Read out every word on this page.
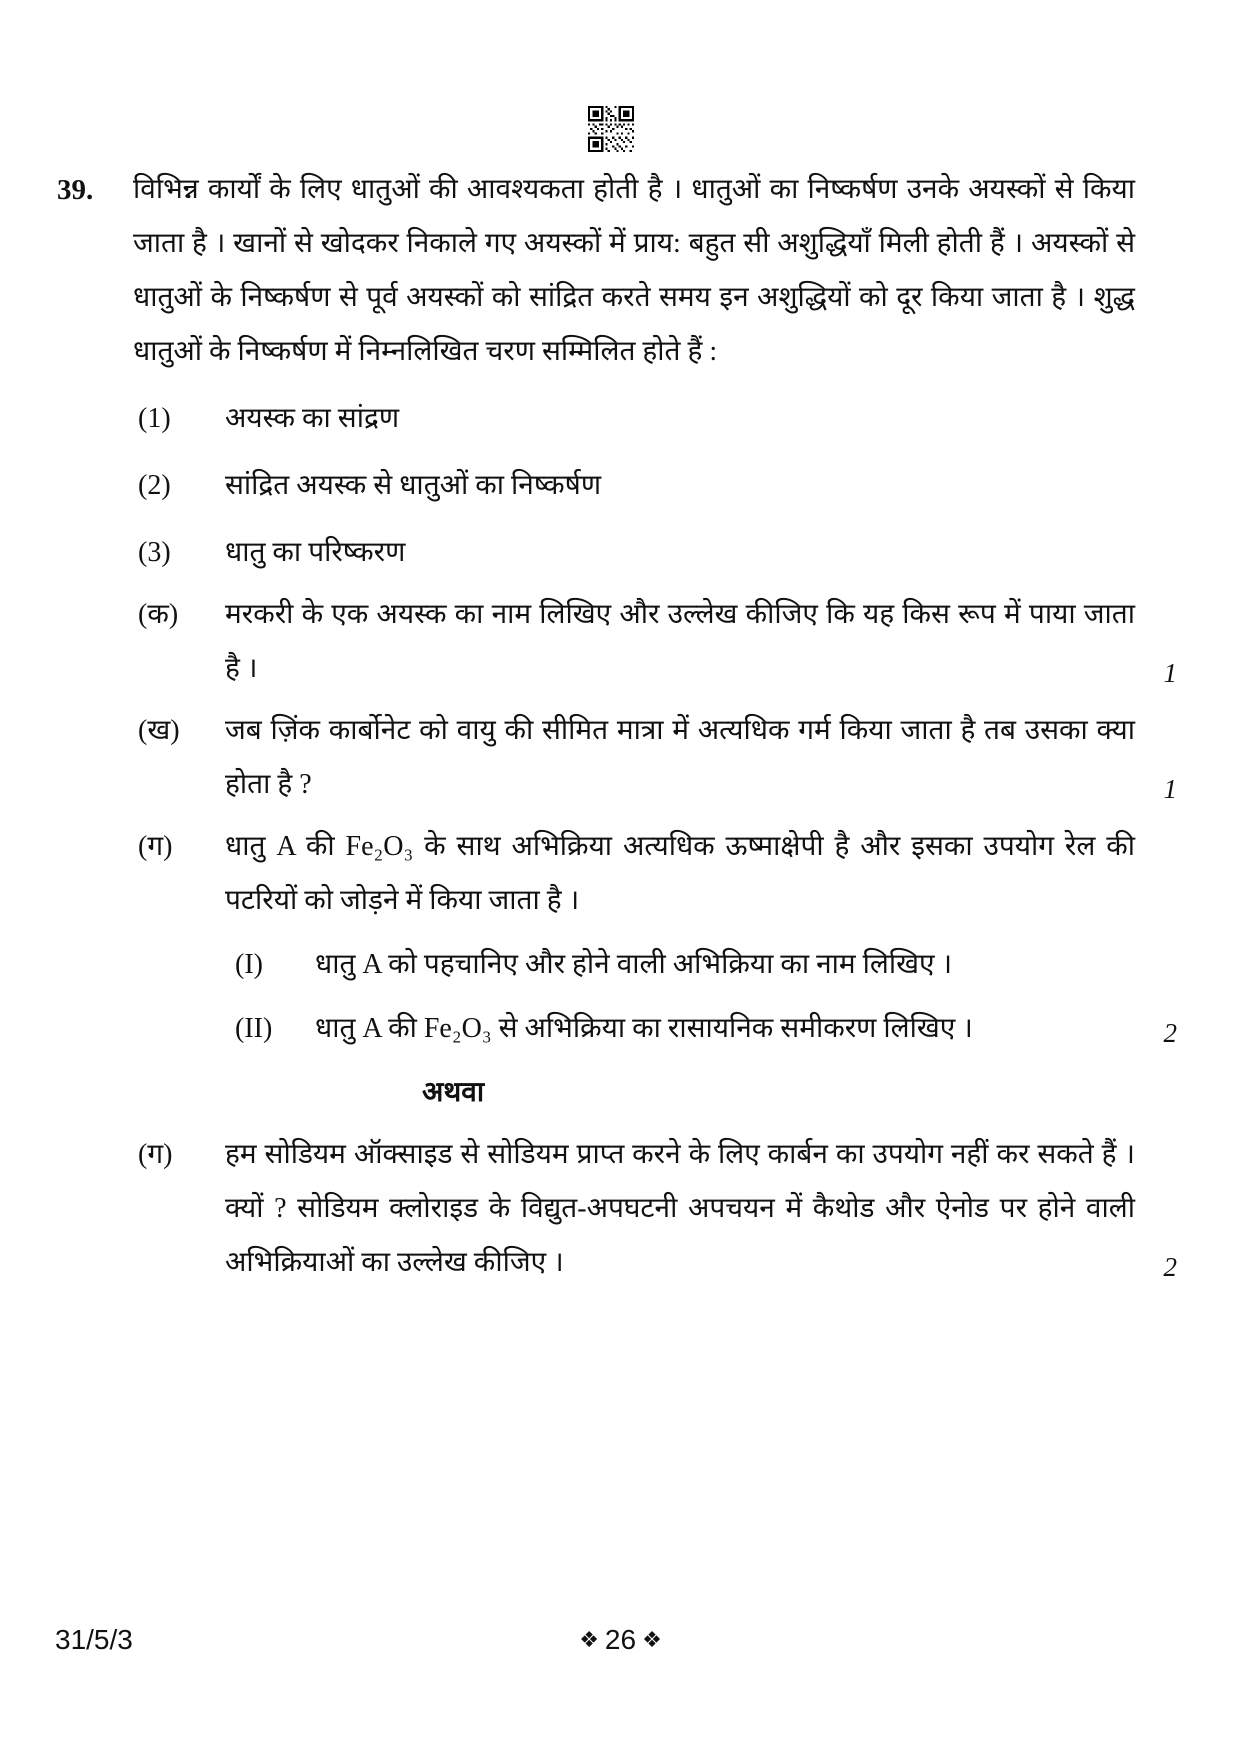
39.	विभिन्न कार्यों के लिए धातुओं की आवश्यकता होती है । धातुओं का निष्कर्षण उनके अयस्कों से किया जाता है । खानों से खोदकर निकाले गए अयस्कों में प्राय: बहुत सी अशुद्धियाँ मिली होती हैं । अयस्कों से धातुओं के निष्कर्षण से पूर्व अयस्कों को सांद्रित करते समय इन अशुद्धियों को दूर किया जाता है । शुद्ध धातुओं के निष्कर्षण में निम्नलिखित चरण सम्मिलित होते हैं :
(1)	अयस्क का सांद्रण
(2)	सांद्रित अयस्क से धातुओं का निष्कर्षण
(3)	धातु का परिष्करण
(क)	मरकरी के एक अयस्क का नाम लिखिए और उल्लेख कीजिए कि यह किस रूप में पाया जाता है ।	1
(ख)	जब ज़िंक कार्बोनेट को वायु की सीमित मात्रा में अत्यधिक गर्म किया जाता है तब उसका क्या होता है ?	1
(ग)	धातु A की Fe₂O₃ के साथ अभिक्रिया अत्यधिक ऊष्माक्षेपी है और इसका उपयोग रेल की पटरियों को जोड़ने में किया जाता है ।
(I)	धातु A को पहचानिए और होने वाली अभिक्रिया का नाम लिखिए ।
(II)	धातु A की Fe₂O₃ से अभिक्रिया का रासायनिक समीकरण लिखिए ।	2
अथवा
(ग)	हम सोडियम ऑक्साइड से सोडियम प्राप्त करने के लिए कार्बन का उपयोग नहीं कर सकते हैं । क्यों ? सोडियम क्लोराइड के विद्युत-अपघटनी अपचयन में कैथोड और ऐनोड पर होने वाली अभिक्रियाओं का उल्लेख कीजिए ।	2
31/5/3	❖ 26 ❖
